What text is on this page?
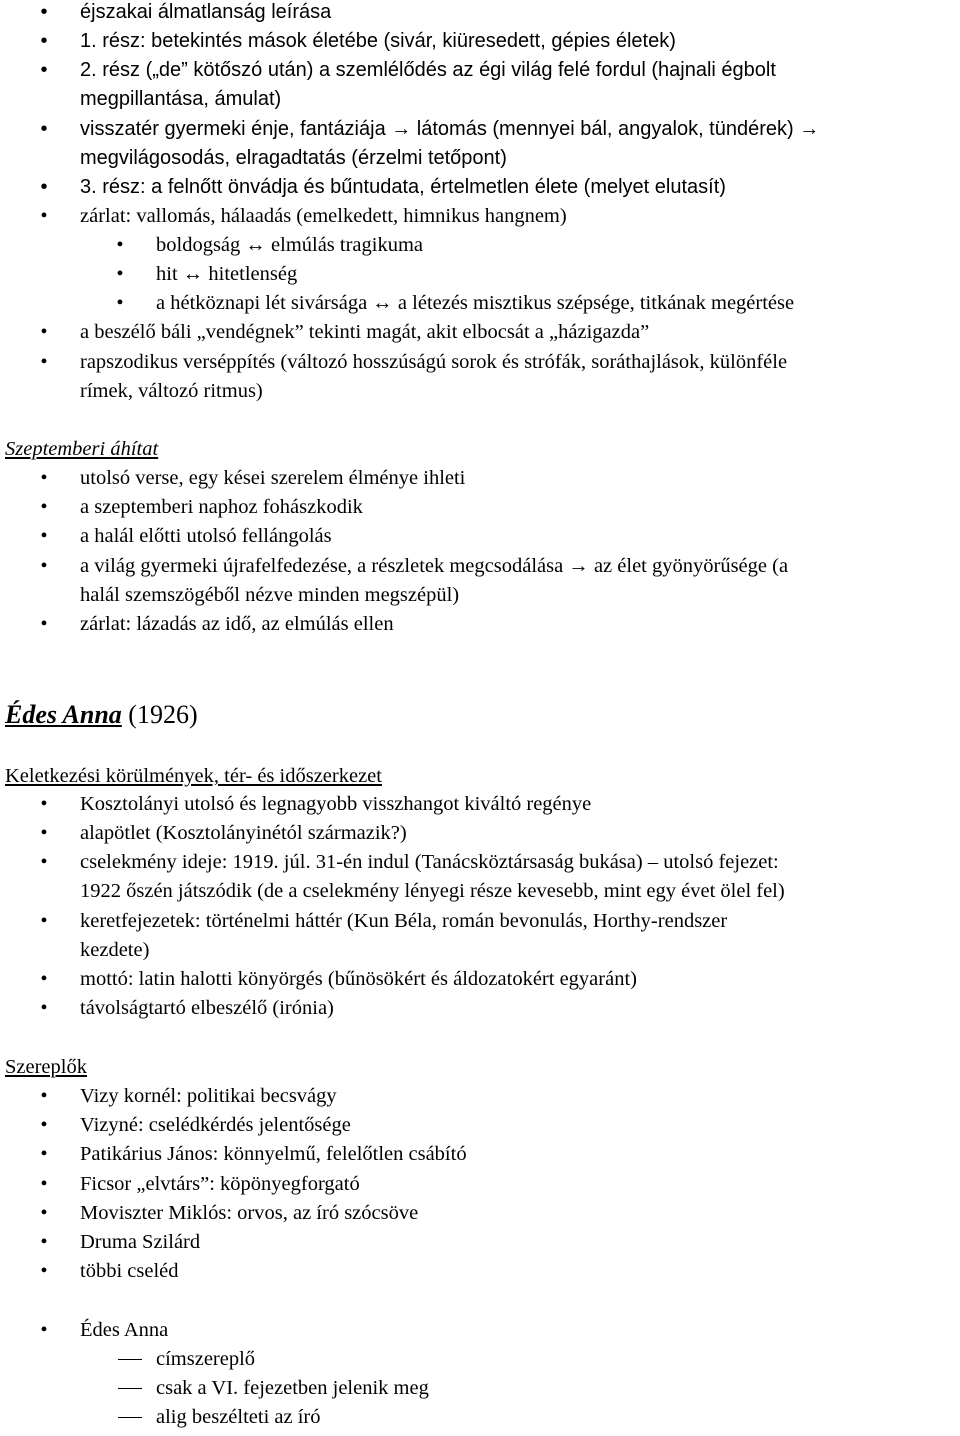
• éjszakai álmatlanság leírása
• 1. rész: betekintés mások életébe (sivár, kiüresedett, gépies életek)
• 2. rész („de” kötőszó után) a szemlélődés az égi világ felé fordul (hajnali égbolt
megpillantása, ámulat)
• visszatér gyermeki énje, fantáziája → látomás (mennyei bál, angyalok, tündérek) →
megvilágosodás, elragadtatás (érzelmi tetőpont)
• 3. rész: a felnőtt önvádja és bűntudata, értelmetlen élete (melyet elutasít)
• zárlat: vallomás, hálaadás (emelkedett, himnikus hangnem)
• boldogság ↔ elmúlás tragikuma
• hit ↔ hitetlenség
• a hétköznapi lét sivársága ↔ a létezés misztikus szépsége, titkának megértése
• a beszélő báli „vendégnek” tekinti magát, akit elbocsát a „házigazda”
• rapszodikus verséppítés (változó hosszúságú sorok és strófák, soráthajlások, különféle
rímek, változó ritmus)
Szeptemberi áhítat
• utolsó verse, egy kései szerelem élménye ihleti
• a szeptemberi naphoz fohászkodik
• a halál előtti utolsó fellángolás
• a világ gyermeki újrafelfedezése, a részletek megcsodálása → az élet gyönyörűsége (a
halál szemszögéből nézve minden megszépül)
• zárlat: lázadás az idő, az elmúlás ellen
Édes Anna (1926)
Keletkezési körülmények, tér- és időszerkezet
• Kosztolányi utolsó és legnagyobb visszhangot kiváltó regénye
• alapötlet (Kosztolányinétól származik?)
• cselekmény ideje: 1919. júl. 31-én indul (Tanácsköztársaság bukása) – utolsó fejezet:
1922 őszén játszódik (de a cselekmény lényegi része kevesebb, mint egy évet ölel fel)
• keretfejezetek: történelmi háttér (Kun Béla, román bevonulás, Horthy-rendszer
kezdete)
• mottó: latin halotti könyörgés (bűnösökért és áldozatokért egyaránt)
• távolságtartó elbeszélő (irónia)
Szereplők
• Vizy kornél: politikai becsvágy
• Vizyné: cselédkérdés jelentősége
• Patikárius János: könnyelmű, felelőtlen csábító
• Ficsor „elvtárs”: köpönyegforgató
• Moviszter Miklós: orvos, az író szócsöve
• Druma Szilárd
• többi cseléd
• Édes Anna
címszereplő
csak a VI. fejezetben jelenik meg
alig beszélteti az író
